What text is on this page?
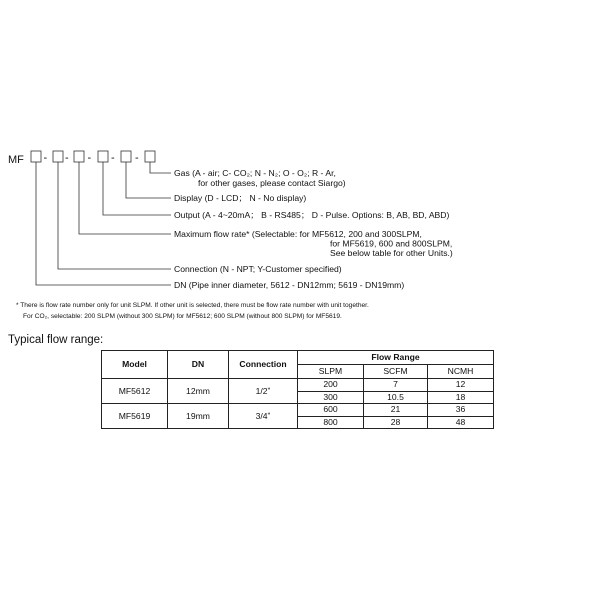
MF - - - - -
Gas (A - air; C- CO₂; N - N₂; O - O₂; R - Ar, for other gases, please contact Siargo)
Display (D - LCD； N - No display)
Output (A - 4~20mA； B - RS485； D - Pulse. Options: B, AB, BD, ABD)
Maximum flow rate* (Selectable: for MF5612, 200 and 300SLPM, for MF5619, 600 and 800SLPM, See below table for other Units.)
Connection (N - NPT; Y-Customer specified)
DN (Pipe inner diameter, 5612 - DN12mm; 5619 - DN19mm)
* There is flow rate number only for unit SLPM. If other unit is selected, there must be flow rate number with unit together.
For CO₂, selectable: 200 SLPM (without 300 SLPM) for MF5612; 600 SLPM (without 800 SLPM) for MF5619.
Typical flow range:
Model	DN	Connection	Flow Range		
			SLPM	SCFM	NCMH
MF5612	12mm	1/2ˮ	200	7	12
			300	10.5	18
MF5619	19mm	3/4ˮ	600	21	36
			800	28	48
